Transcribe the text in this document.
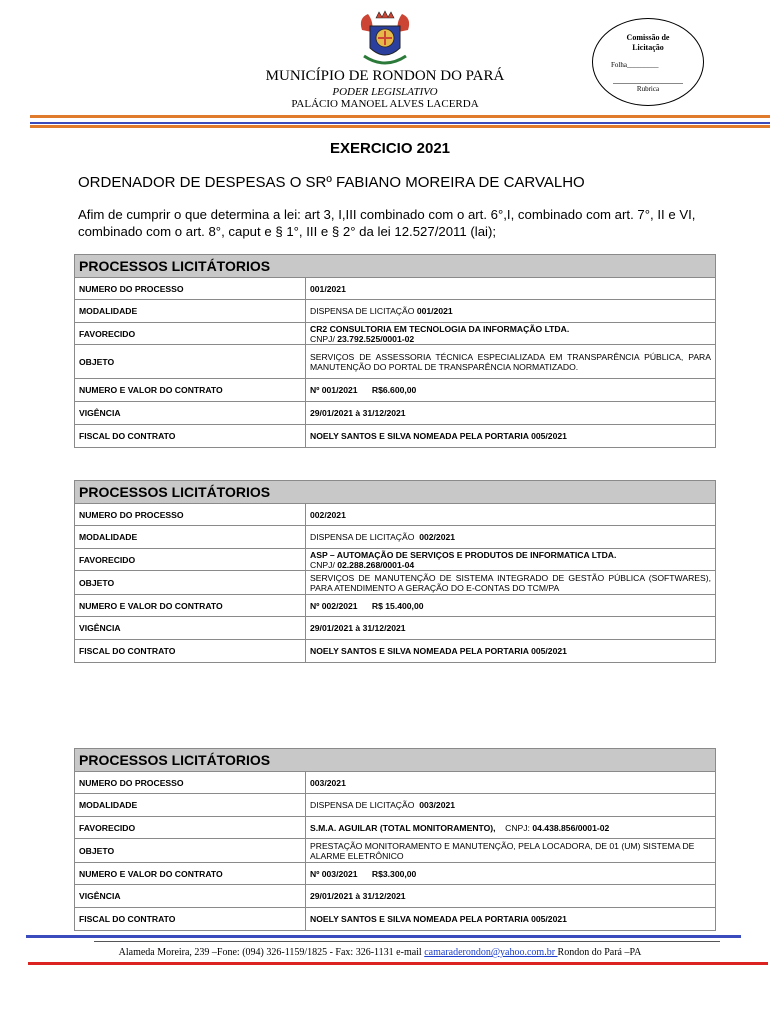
Comissão de
Licitação
Folha_________
Rubrica
MUNICÍPIO DE RONDON DO PARÁ
PODER LEGISLATIVO
PALÁCIO MANOEL ALVES LACERDA
EXERCICIO 2021
ORDENADOR DE DESPESAS O SRº FABIANO MOREIRA DE CARVALHO
Afim de cumprir o que determina a lei: art 3, I,III combinado com o art. 6°,I, combinado com art. 7°, II e VI, combinado com o art. 8°, caput e § 1°, III e § 2° da lei 12.527/2011 (lai);
PROCESSOS LICITÁTORIOS	
NUMERO DO PROCESSO	001/2021
MODALIDADE	DISPENSA DE LICITAÇÃO 001/2021
FAVORECIDO	CR2 CONSULTORIA EM TECNOLOGIA DA INFORMAÇÃO LTDA.
CNPJ/ 23.792.525/0001-02
OBJETO	SERVIÇOS DE ASSESSORIA TÉCNICA ESPECIALIZADA EM TRANSPARÊNCIA PÚBLICA, PARA MANUTENÇÃO DO PORTAL DE TRANSPARÊNCIA NORMATIZADO.
NUMERO E VALOR DO CONTRATO	Nº 001/2021      R$6.600,00
VIGÊNCIA	29/01/2021 à 31/12/2021
FISCAL DO CONTRATO	NOELY SANTOS E SILVA NOMEADA PELA PORTARIA 005/2021
PROCESSOS LICITÁTORIOS	
NUMERO DO PROCESSO	002/2021
MODALIDADE	DISPENSA DE LICITAÇÃO  002/2021
FAVORECIDO	ASP – AUTOMAÇÃO DE SERVIÇOS E PRODUTOS DE INFORMATICA LTDA.
CNPJ/ 02.288.268/0001-04
OBJETO	SERVIÇOS DE MANUTENÇÃO DE SISTEMA INTEGRADO DE GESTÃO PÚBLICA (SOFTWARES), PARA ATENDIMENTO A GERAÇÃO DO E-CONTAS DO TCM/PA
NUMERO E VALOR DO CONTRATO	Nº 002/2021      R$ 15.400,00
VIGÊNCIA	29/01/2021 à 31/12/2021
FISCAL DO CONTRATO	NOELY SANTOS E SILVA NOMEADA PELA PORTARIA 005/2021
PROCESSOS LICITÁTORIOS	
NUMERO DO PROCESSO	003/2021
MODALIDADE	DISPENSA DE LICITAÇÃO  003/2021
FAVORECIDO	S.M.A. AGUILAR (TOTAL MONITORAMENTO),    CNPJ: 04.438.856/0001-02
OBJETO	PRESTAÇÃO MONITORAMENTO E MANUTENÇÃO, PELA LOCADORA, DE 01 (UM) SISTEMA DE ALARME ELETRÔNICO
NUMERO E VALOR DO CONTRATO	Nº 003/2021      R$3.300,00
VIGÊNCIA	29/01/2021 à 31/12/2021
FISCAL DO CONTRATO	NOELY SANTOS E SILVA NOMEADA PELA PORTARIA 005/2021
Alameda Moreira, 239 –Fone: (094) 326-1159/1825 - Fax: 326-1131 e-mail camaraderondon@yahoo.com.br Rondon do Pará –PA
